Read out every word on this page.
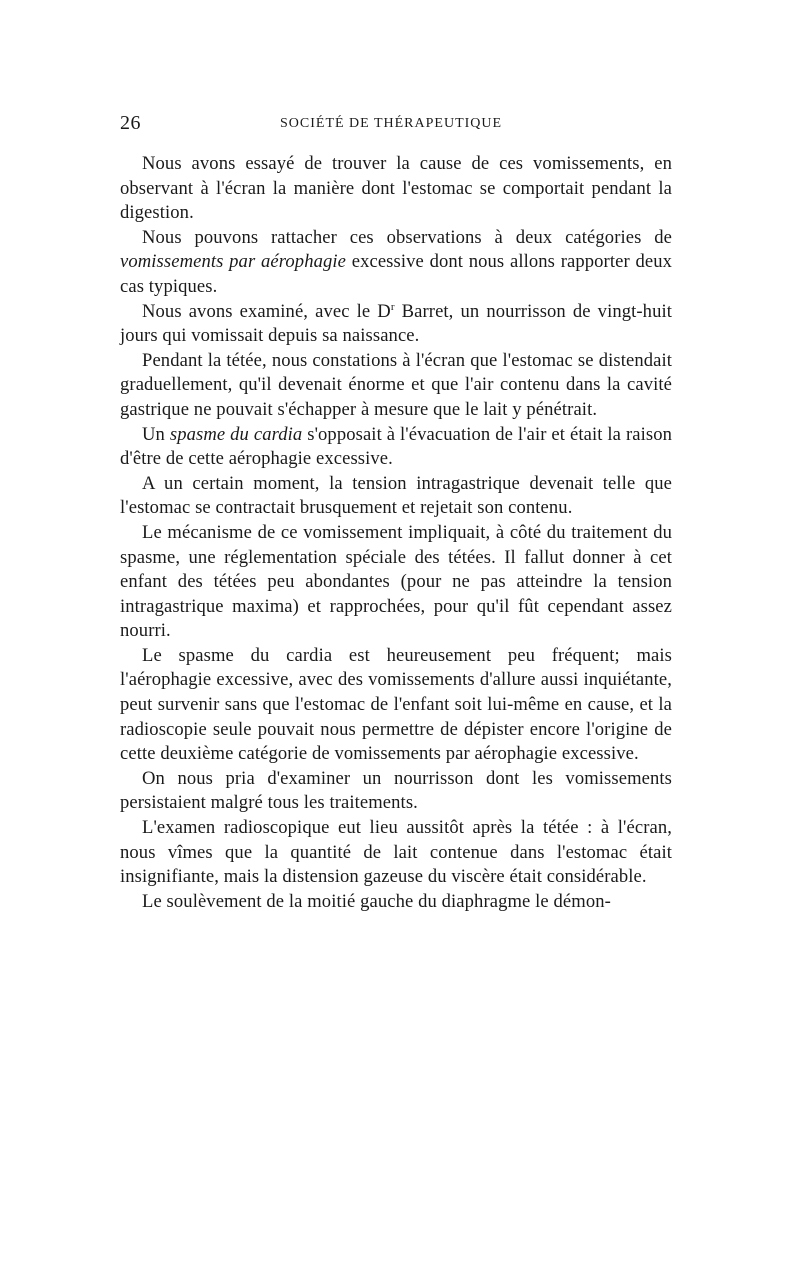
26	SOCIÉTÉ DE THÉRAPEUTIQUE

Nous avons essayé de trouver la cause de ces vomissements, en observant à l'écran la manière dont l'estomac se comportait pendant la digestion.

Nous pouvons rattacher ces observations à deux catégories de vomissements par aérophagie excessive dont nous allons rapporter deux cas typiques.

Nous avons examiné, avec le $D^r$ Barret, un nourrisson de vingt-huit jours qui vomissait depuis sa naissance.

Pendant la tétée, nous constations à l'écran que l'estomac se distendait graduellement, qu'il devenait énorme et que l'air contenu dans la cavité gastrique ne pouvait s'échapper à mesure que le lait y pénétrait.

Un spasme du cardia s'opposait à l'évacuation de l'air et était la raison d'être de cette aérophagie excessive.

A un certain moment, la tension intragastrique devenait telle que l'estomac se contractait brusquement et rejetait son contenu.

Le mécanisme de ce vomissement impliquait, à côté du traitement du spasme, une réglementation spéciale des tétées. Il fallut donner à cet enfant des tétées peu abondantes (pour ne pas atteindre la tension intragastrique maxima) et rapprochées, pour qu'il fût cependant assez nourri.

Le spasme du cardia est heureusement peu fréquent; mais l'aérophagie excessive, avec des vomissements d'allure aussi inquiétante, peut survenir sans que l'estomac de l'enfant soit lui-même en cause, et la radioscopie seule pouvait nous permettre de dépister encore l'origine de cette deuxième catégorie de vomissements par aérophagie excessive.

On nous pria d'examiner un nourrisson dont les vomissements persistaient malgré tous les traitements.

L'examen radioscopique eut lieu aussitôt après la tétée : à l'écran, nous vîmes que la quantité de lait contenue dans l'estomac était insignifiante, mais la distension gazeuse du viscère était considérable.

Le soulèvement de la moitié gauche du diaphragme le démon-
